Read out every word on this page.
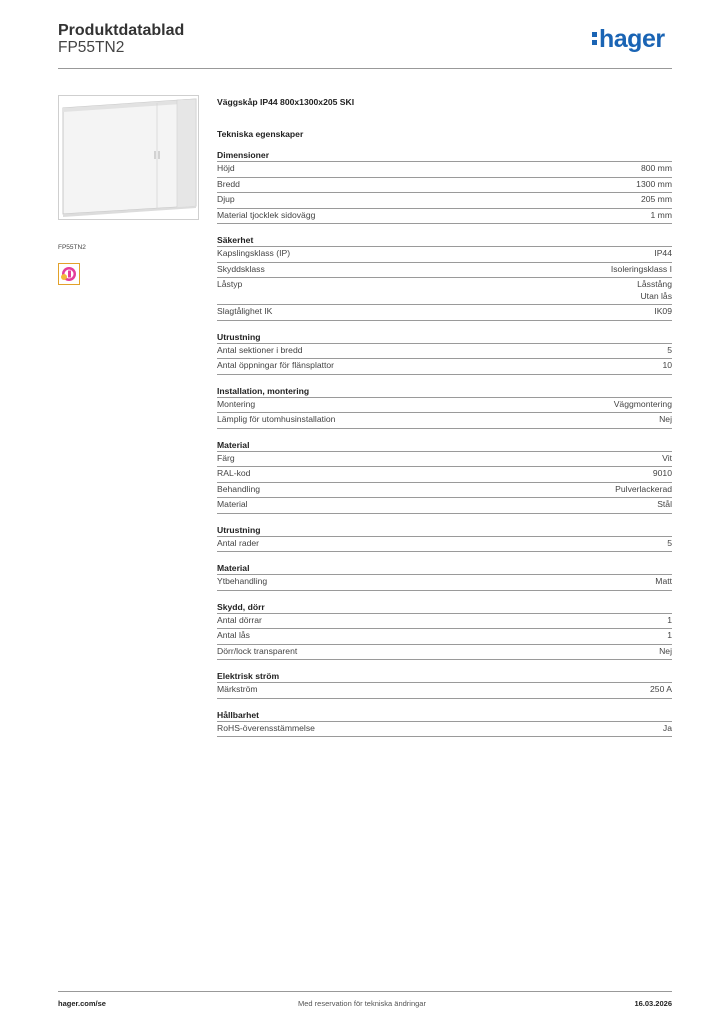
Produktdatablad
FP55TN2	hager
FP55TN2
Väggskåp IP44 800x1300x205 SKI
Tekniska egenskaper
Dimensioner
Höjd	800 mm
Bredd	1300 mm
Djup	205 mm
Material tjocklek sidovägg	1 mm
Säkerhet
Kapslingsklass (IP)	IP44
Skyddsklass	Isoleringsklass I
Låstyp	Låsstång
Utan lås
Slagtålighet IK	IK09
Utrustning
Antal sektioner i bredd	5
Antal öppningar för flänsplattor	10
Installation, montering
Montering	Väggmontering
Lämplig för utomhusinstallation	Nej
Material
Färg	Vit
RAL-kod	9010
Behandling	Pulverlackerad
Material	Stål
Utrustning
Antal rader	5
Material
Ytbehandling	Matt
Skydd, dörr
Antal dörrar	1
Antal lås	1
Dörr/lock transparent	Nej
Elektrisk ström
Märkström	250 A
Hållbarhet
RoHS-överensstämmelse	Ja
hager.com/se	Med reservation för tekniska ändringar	16.03.2026
